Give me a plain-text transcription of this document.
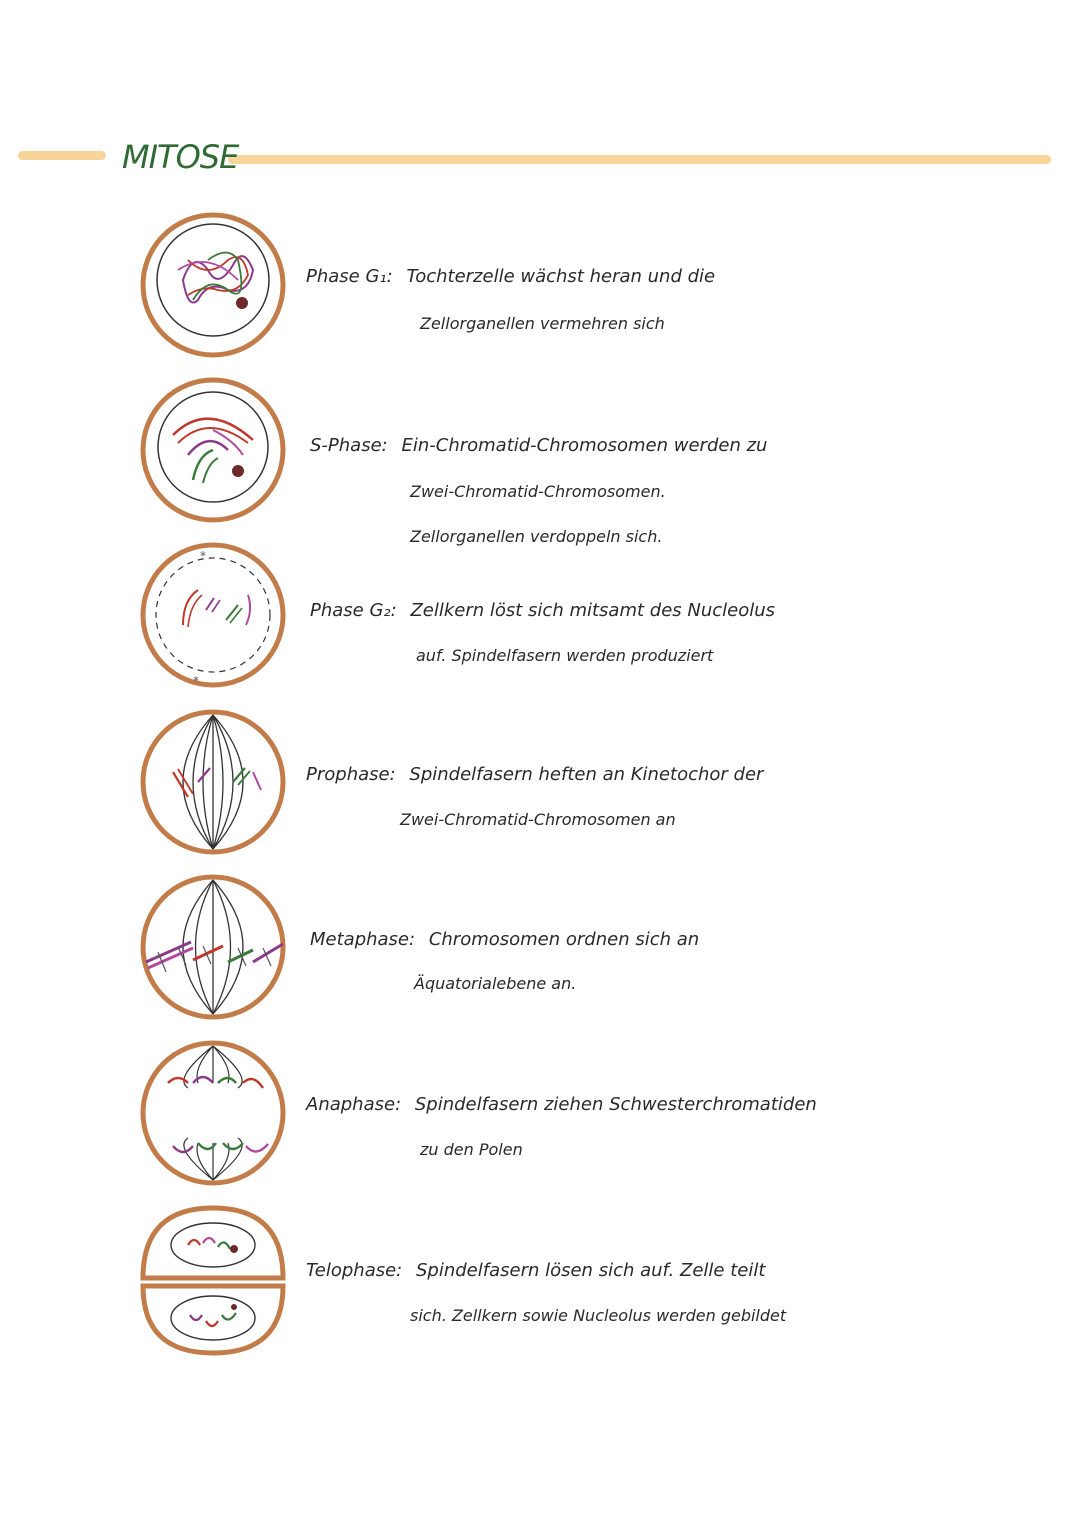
MITOSE
Phase G₁: Tochterzelle wächst heran und die
Zellorganellen vermehren sich
S-Phase: Ein-Chromatid-Chromosomen werden zu
Zwei-Chromatid-Chromosomen.
Zellorganellen verdoppeln sich.
*
*
Phase G₂: Zellkern löst sich mitsamt des Nucleolus
auf. Spindelfasern werden produziert
Prophase: Spindelfasern heften an Kinetochor der
Zwei-Chromatid-Chromosomen an
Metaphase: Chromosomen ordnen sich an
Äquatorialebene an.
Anaphase: Spindelfasern ziehen Schwesterchromatiden
zu den Polen
Telophase: Spindelfasern lösen sich auf. Zelle teilt
sich. Zellkern sowie Nucleolus werden gebildet
